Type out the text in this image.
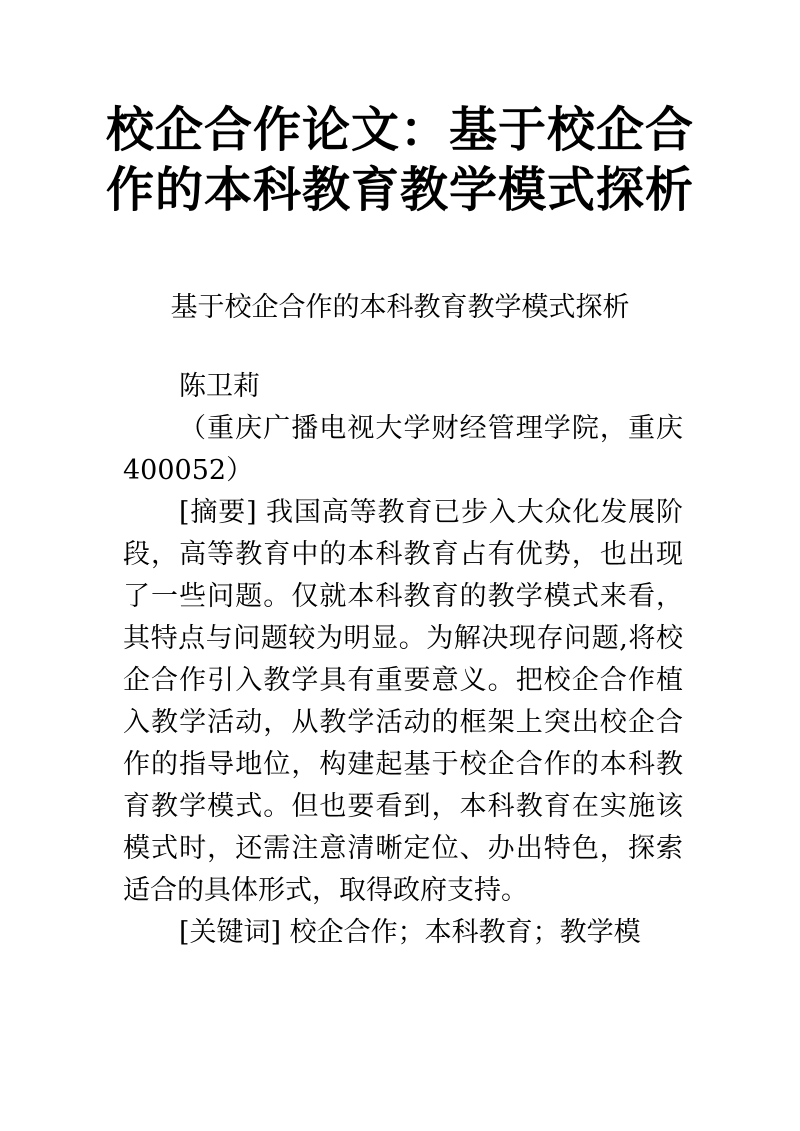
校企合作论文：基于校企合作的本科教育教学模式探析
基于校企合作的本科教育教学模式探析

陈卫莉

（重庆广播电视大学财经管理学院，重庆 400052）

[摘要] 我国高等教育已步入大众化发展阶段，高等教育中的本科教育占有优势，也出现了一些问题。仅就本科教育的教学模式来看，其特点与问题较为明显。为解决现存问题,将校企合作引入教学具有重要意义。把校企合作植入教学活动，从教学活动的框架上突出校企合作的指导地位，构建起基于校企合作的本科教育教学模式。但也要看到，本科教育在实施该模式时，还需注意清晰定位、办出特色，探索适合的具体形式，取得政府支持。

[关键词] 校企合作；本科教育；教学模
